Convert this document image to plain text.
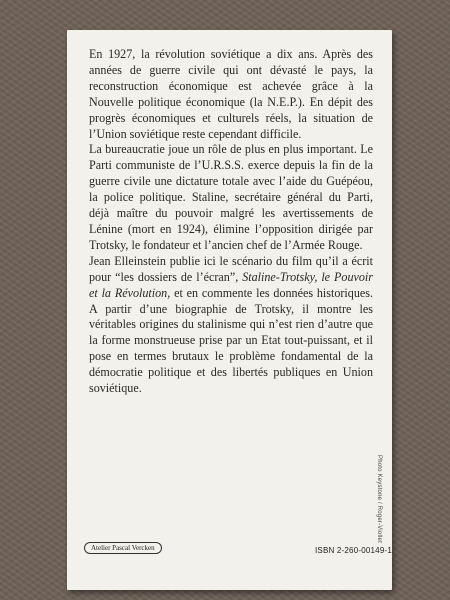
En 1927, la révolution soviétique a dix ans. Après des années de guerre civile qui ont dévasté le pays, la reconstruction économique est achevée grâce à la Nouvelle politique économique (la N.E.P.). En dépit des progrès économiques et culturels réels, la situation de l’Union soviétique reste cependant difficile.

La bureaucratie joue un rôle de plus en plus important. Le Parti communiste de l’U.R.S.S. exerce depuis la fin de la guerre civile une dictature totale avec l’aide du Guépéou, la police politique. Staline, secrétaire général du Parti, déjà maître du pouvoir malgré les avertissements de Lénine (mort en 1924), élimine l’opposition dirigée par Trotsky, le fondateur et l’ancien chef de l’Armée Rouge.

Jean Elleinstein publie ici le scénario du film qu’il a écrit pour “les dossiers de l’écran”, Staline-Trotsky, le Pouvoir et la Révolution, et en commente les données historiques. A partir d’une biographie de Trotsky, il montre les véritables origines du stalinisme qui n’est rien d’autre que la forme monstrueuse prise par un Etat tout-puissant, et il pose en termes brutaux le problème fondamental de la démocratie politique et des libertés publiques en Union soviétique.

Photo Keystone / Roger-Viollet
Atelier Pascal Vercken	ISBN 2-260-00149-1
